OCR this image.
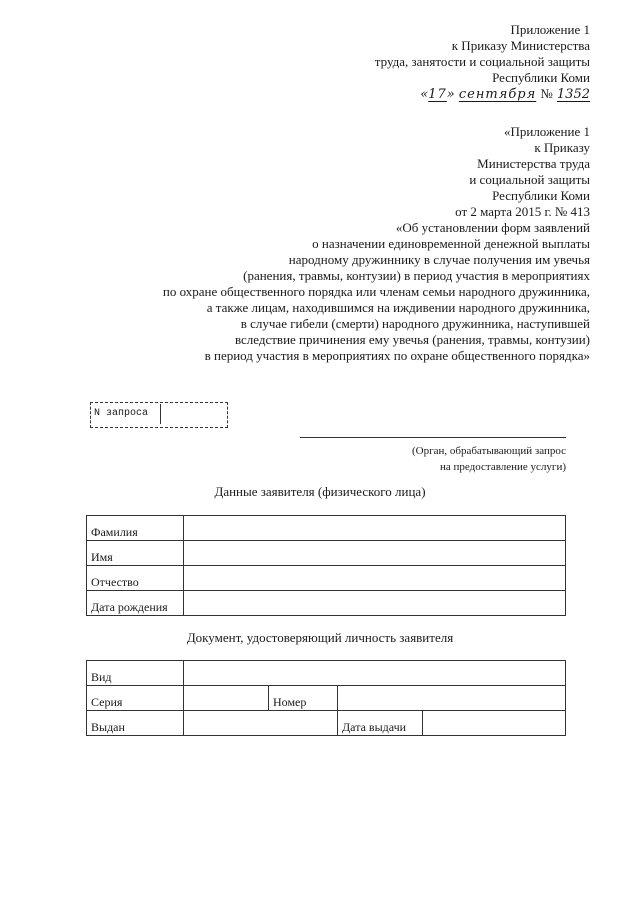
Приложение 1
к Приказу Министерства
труда, занятости и социальной защиты
Республики Коми
«17» сентября № 1352
«Приложение 1
к Приказу
Министерства труда
и социальной защиты
Республики Коми
от 2 марта 2015 г. № 413
«Об установлении форм заявлений
о назначении единовременной денежной выплаты
народному дружиннику в случае получения им увечья
(ранения, травмы, контузии) в период участия в мероприятиях
по охране общественного порядка или членам семьи народного дружинника,
а также лицам, находившимся на иждивении народного дружинника,
в случае гибели (смерти) народного дружинника, наступившей
вследствие причинения ему увечья (ранения, травмы, контузии)
в период участия в мероприятиях по охране общественного порядка»
N запроса
(Орган, обрабатывающий запрос
на предоставление услуги)
Данные заявителя (физического лица)
Фамилия	
Имя	
Отчество	
Дата рождения	
Документ, удостоверяющий личность заявителя
Вид				
Серия		Номер		
Выдан			Дата выдачи	
